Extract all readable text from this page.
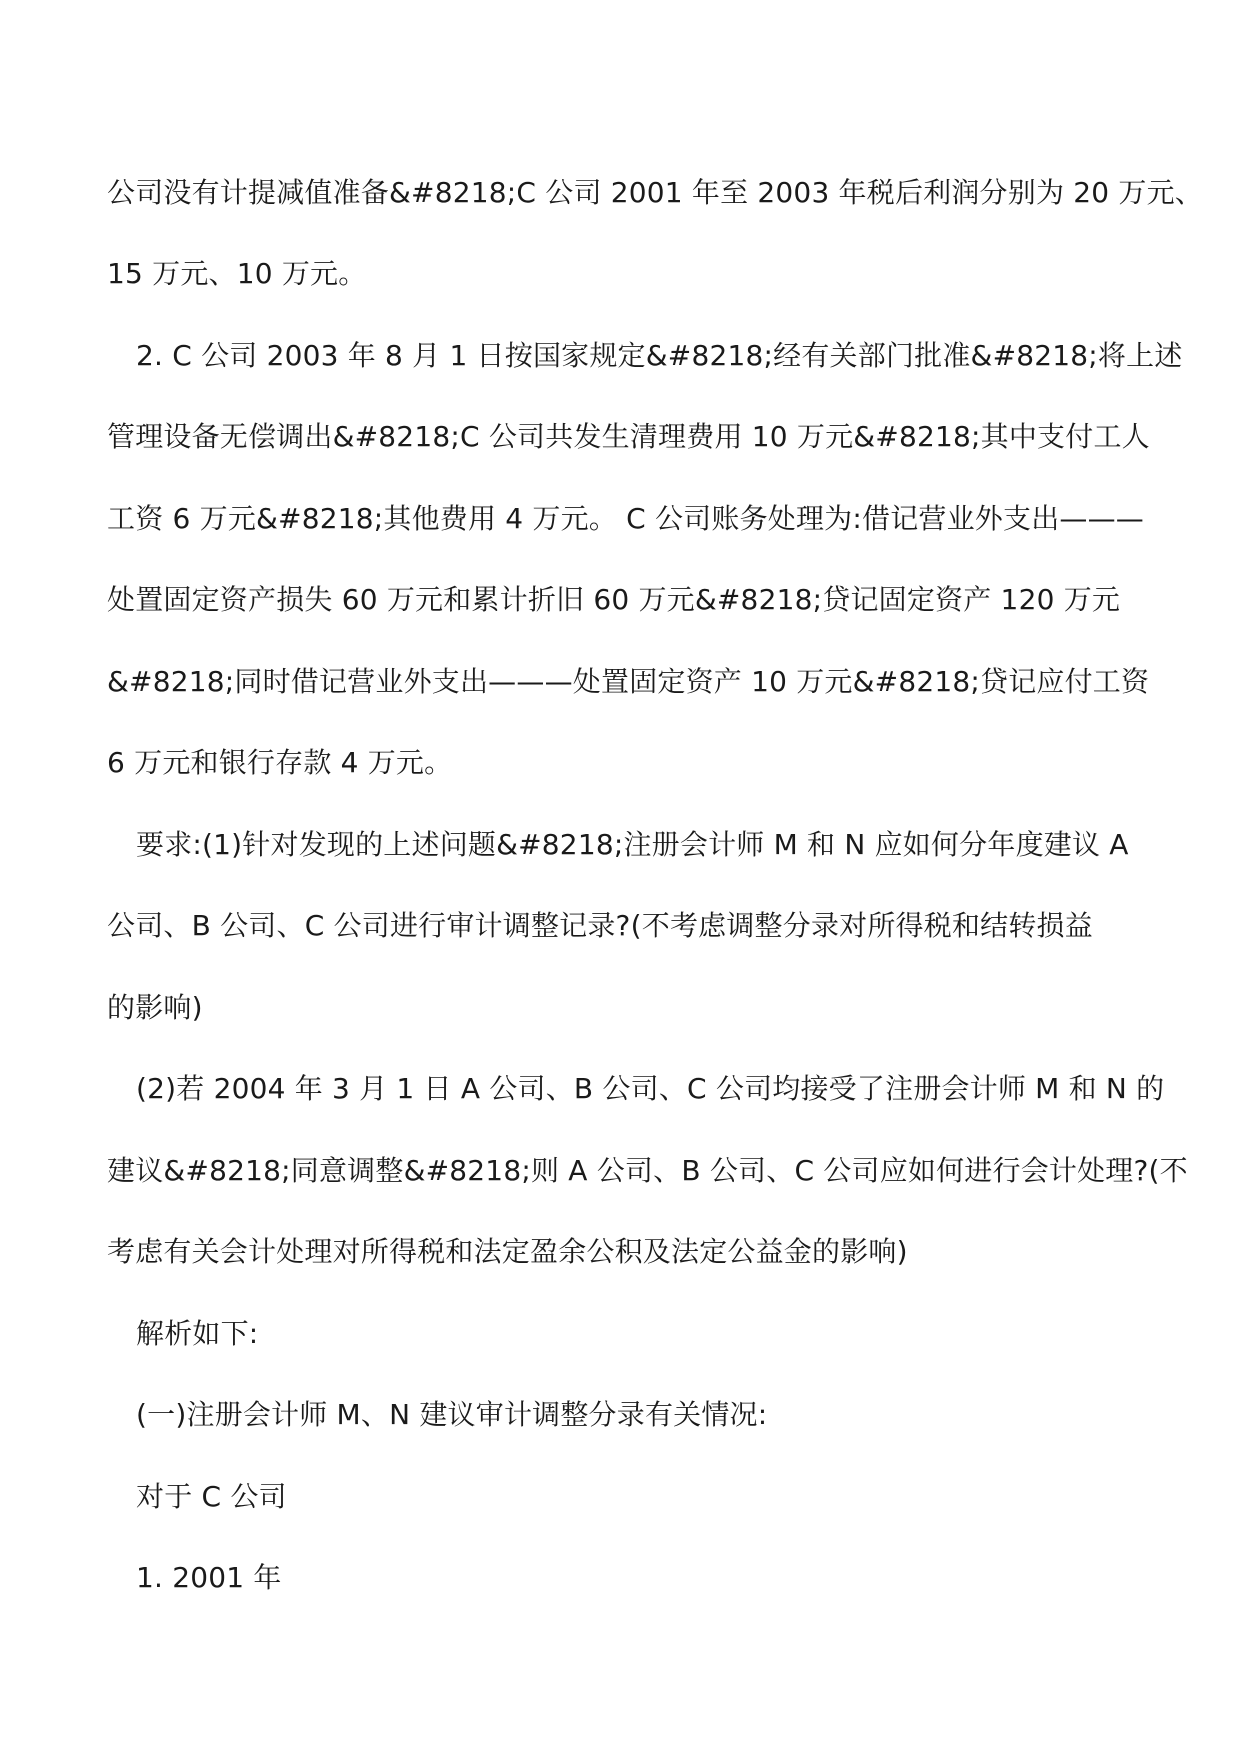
公司没有计提减值准备&#8218;C 公司 2001 年至 2003 年税后利润分别为 20 万元、
15 万元、10 万元。
2. C 公司 2003 年 8 月 1 日按国家规定&#8218;经有关部门批准&#8218;将上述
管理设备无偿调出&#8218;C 公司共发生清理费用 10 万元&#8218;其中支付工人
工资 6 万元&#8218;其他费用 4 万元。 C 公司账务处理为:借记营业外支出———
处置固定资产损失 60 万元和累计折旧 60 万元&#8218;贷记固定资产 120 万元
&#8218;同时借记营业外支出———处置固定资产 10 万元&#8218;贷记应付工资
6 万元和银行存款 4 万元。
要求:(1)针对发现的上述问题&#8218;注册会计师 M 和 N 应如何分年度建议 A
公司、B 公司、C 公司进行审计调整记录?(不考虑调整分录对所得税和结转损益
的影响)
(2)若 2004 年 3 月 1 日 A 公司、B 公司、C 公司均接受了注册会计师 M 和 N 的
建议&#8218;同意调整&#8218;则 A 公司、B 公司、C 公司应如何进行会计处理?(不
考虑有关会计处理对所得税和法定盈余公积及法定公益金的影响)
解析如下:
(一)注册会计师 M、N 建议审计调整分录有关情况:
对于 C 公司
1. 2001 年
